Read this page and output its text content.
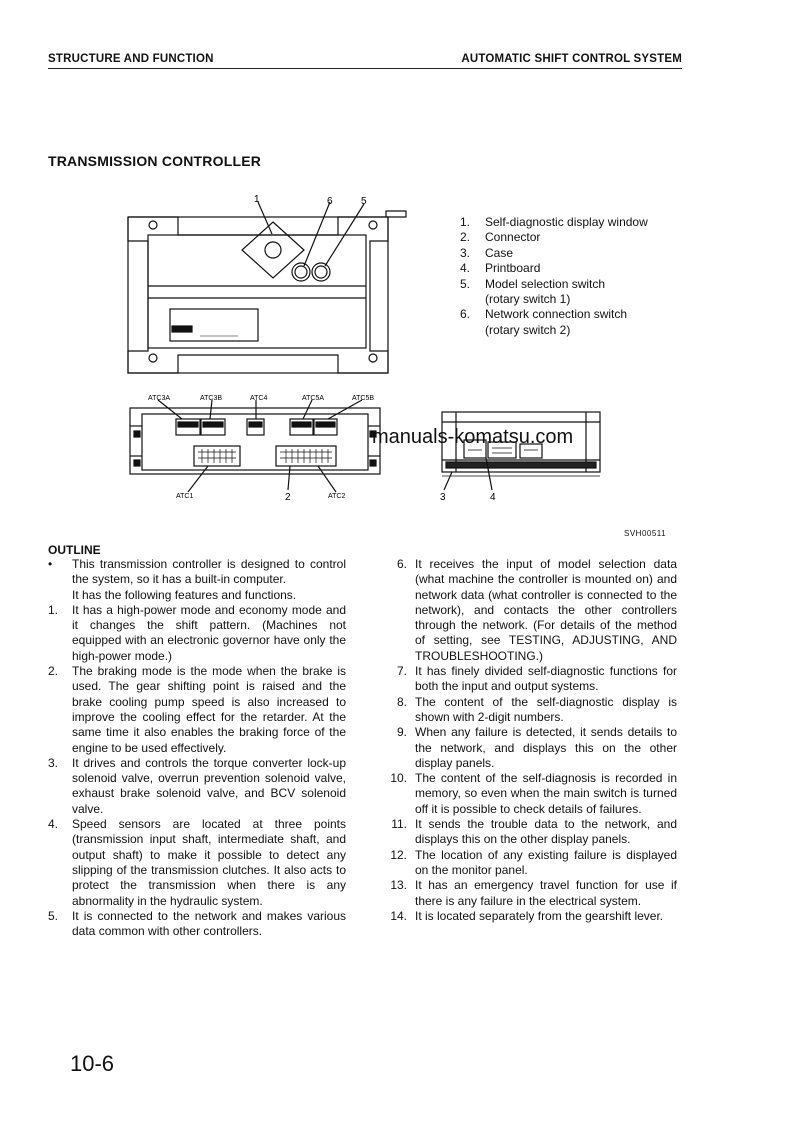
STRUCTURE AND FUNCTION	AUTOMATIC SHIFT CONTROL SYSTEM
TRANSMISSION CONTROLLER
1.	Self-diagnostic display window
2.	Connector
3.	Case
4.	Printboard
5.	Model selection switch
(rotary switch 1)
6.	Network connection switch
(rotary switch 2)
1	6	5
ATC3A	ATC3B	ATC4	ATC5A	ATC5B
ATC1	ATC2
2	3	4
manuals-komatsu.com
SVH00511
OUTLINE
•	This transmission controller is designed to control the system, so it has a built-in computer.
It has the following features and functions.
1.	It has a high-power mode and economy mode and it changes the shift pattern. (Machines not equipped with an electronic governor have only the high-power mode.)
2.	The braking mode is the mode when the brake is used. The gear shifting point is raised and the brake cooling pump speed is also increased to improve the cooling effect for the retarder. At the same time it also enables the braking force of the engine to be used effectively.
3.	It drives and controls the torque converter lock-up solenoid valve, overrun prevention solenoid valve, exhaust brake solenoid valve, and BCV solenoid valve.
4.	Speed sensors are located at three points (transmission input shaft, intermediate shaft, and output shaft) to make it possible to detect any slipping of the transmission clutches. It also acts to protect the transmission when there is any abnormality in the hydraulic system.
5.	It is connected to the network and makes various data common with other controllers.
6. It receives the input of model selection data (what machine the controller is mounted on) and network data (what controller is connected to the network), and contacts the other controllers through the network. (For details of the method of setting, see TESTING, ADJUSTING, AND TROUBLESHOOTING.)
7. It has finely divided self-diagnostic functions for both the input and output systems.
8. The content of the self-diagnostic display is shown with 2-digit numbers.
9. When any failure is detected, it sends details to the network, and displays this on the other display panels.
10. The content of the self-diagnosis is recorded in memory, so even when the main switch is turned off it is possible to check details of failures.
11. It sends the trouble data to the network, and displays this on the other display panels.
12. The location of any existing failure is displayed on the monitor panel.
13. It has an emergency travel function for use if there is any failure in the electrical system.
14. It is located separately from the gearshift lever.
10-6
